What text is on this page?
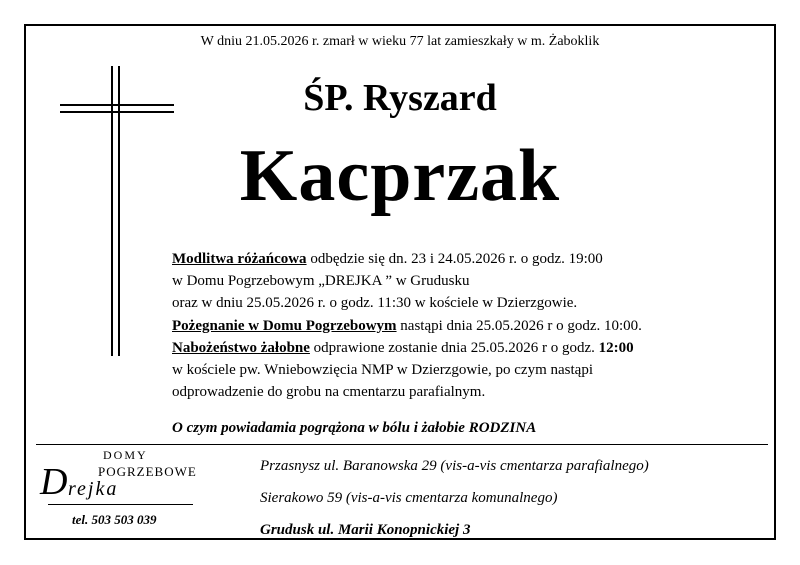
W dniu 21.05.2026 r. zmarł w wieku 77 lat zamieszkały w m. Żaboklik
ŚP. Ryszard
Kacprzak
Modlitwa różańcowa odbędzie się dn. 23 i 24.05.2026 r. o godz. 19:00
w Domu Pogrzebowym „DREJKA ” w Grudusku
oraz w dniu 25.05.2026 r. o godz. 11:30 w kościele w Dzierzgowie.
Pożegnanie w Domu Pogrzebowym nastąpi dnia 25.05.2026 r o godz. 10:00.
Nabożeństwo żałobne odprawione zostanie dnia 25.05.2026 r o godz. 12:00
w kościele pw. Wniebowzięcia NMP w Dzierzgowie, po czym nastąpi
odprowadzenie do grobu na cmentarzu parafialnym.
O czym powiadamia pogrążona w bólu i żałobie RODZINA
DOMY
POGRZEBOWE
D rejka
tel. 503 503 039
Przasnysz ul. Baranowska 29 (vis-a-vis cmentarza parafialnego)
Sierakowo 59 (vis-a-vis cmentarza komunalnego)
Grudusk ul. Marii Konopnickiej 3
